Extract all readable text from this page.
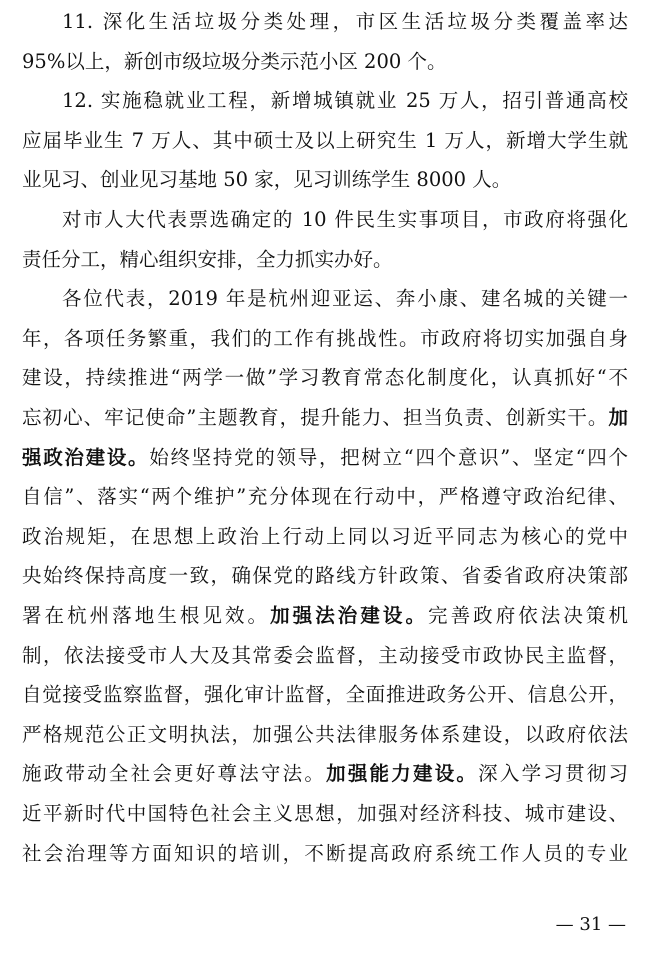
— 31 —
11. 深化生活垃圾分类处理，市区生活垃圾分类覆盖率达
95%以上，新创市级垃圾分类示范小区 200 个。
12. 实施稳就业工程，新增城镇就业 25 万人，招引普通高校
应届毕业生 7 万人、其中硕士及以上研究生 1 万人，新增大学生就
业见习、创业见习基地 50 家，见习训练学生 8000 人。
对市人大代表票选确定的 10 件民生实事项目，市政府将强化
责任分工，精心组织安排，全力抓实办好。
各位代表，2019 年是杭州迎亚运、奔小康、建名城的关键一
年，各项任务繁重，我们的工作有挑战性。市政府将切实加强自身
建设，持续推进“两学一做”学习教育常态化制度化，认真抓好“不
忘初心、牢记使命”主题教育，提升能力、担当负责、创新实干。加
强政治建设。始终坚持党的领导，把树立“四个意识”、坚定“四个
自信”、落实“两个维护”充分体现在行动中，严格遵守政治纪律、
政治规矩，在思想上政治上行动上同以习近平同志为核心的党中
央始终保持高度一致，确保党的路线方针政策、省委省政府决策部
署在杭州落地生根见效。加强法治建设。完善政府依法决策机
制，依法接受市人大及其常委会监督，主动接受市政协民主监督，
自觉接受监察监督，强化审计监督，全面推进政务公开、信息公开，
严格规范公正文明执法，加强公共法律服务体系建设，以政府依法
施政带动全社会更好尊法守法。加强能力建设。深入学习贯彻习
近平新时代中国特色社会主义思想，加强对经济科技、城市建设、
社会治理等方面知识的培训，不断提高政府系统工作人员的专业
